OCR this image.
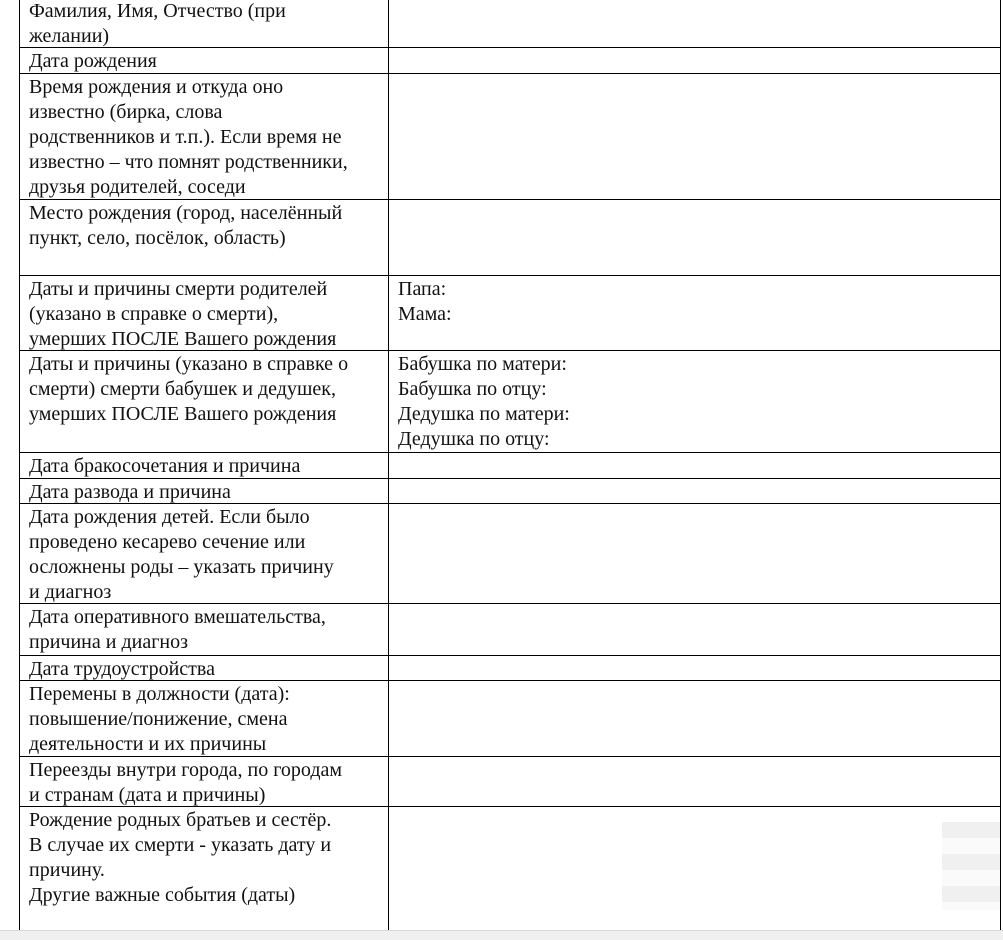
Фамилия, Имя, Отчество (при
желании)
Дата рождения
Время рождения и откуда оно
известно (бирка, слова
родственников и т.п.). Если время не
известно – что помнят родственники,
друзья родителей, соседи
Место рождения (город, населённый
пункт, село, посёлок, область)
Даты и причины смерти родителей
(указано в справке о смерти),
умерших ПОСЛЕ Вашего рождения
Папа:
Мама:
Даты и причины (указано в справке о
смерти) смерти бабушек и дедушек,
умерших ПОСЛЕ Вашего рождения
Бабушка по матери:
Бабушка по отцу:
Дедушка по матери:
Дедушка по отцу:
Дата бракосочетания и причина
Дата развода и причина
Дата рождения детей. Если было
проведено кесарево сечение или
осложнены роды – указать причину
и диагноз
Дата оперативного вмешательства,
причина и диагноз
Дата трудоустройства
Перемены в должности (дата):
повышение/понижение, смена
деятельности и их причины
Переезды внутри города, по городам
и странам (дата и причины)
Рождение родных братьев и сестёр.
В случае их смерти - указать дату и
причину.
Другие важные события (даты)
